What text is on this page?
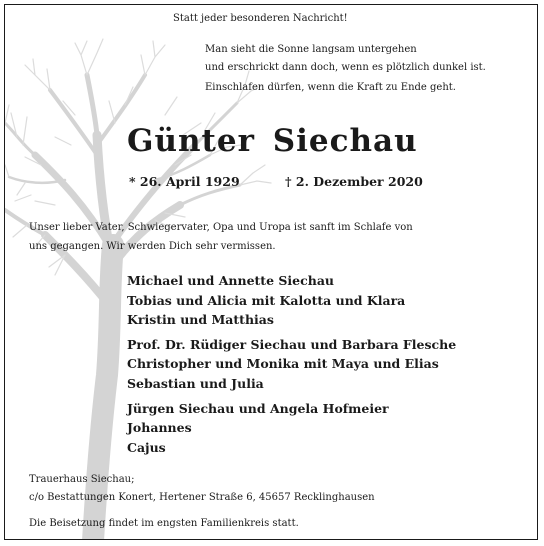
Statt jeder besonderen Nachricht!
Man sieht die Sonne langsam untergehen
und erschrickt dann doch, wenn es plötzlich dunkel ist.
Einschlafen dürfen, wenn die Kraft zu Ende geht.
Günter Siechau
* 26. April 1929	† 2. Dezember 2020
Unser lieber Vater, Schwiegervater, Opa und Uropa ist sanft im Schlafe von
uns gegangen. Wir werden Dich sehr vermissen.
Michael und Annette Siechau
Tobias und Alicia mit Kalotta und Klara
Kristin und Matthias
Prof. Dr. Rüdiger Siechau und Barbara Flesche
Christopher und Monika mit Maya und Elias
Sebastian und Julia
Jürgen Siechau und Angela Hofmeier
Johannes
Cajus
Trauerhaus Siechau;
c/o Bestattungen Konert, Hertener Straße 6, 45657 Recklinghausen
Die Beisetzung findet im engsten Familienkreis statt.
